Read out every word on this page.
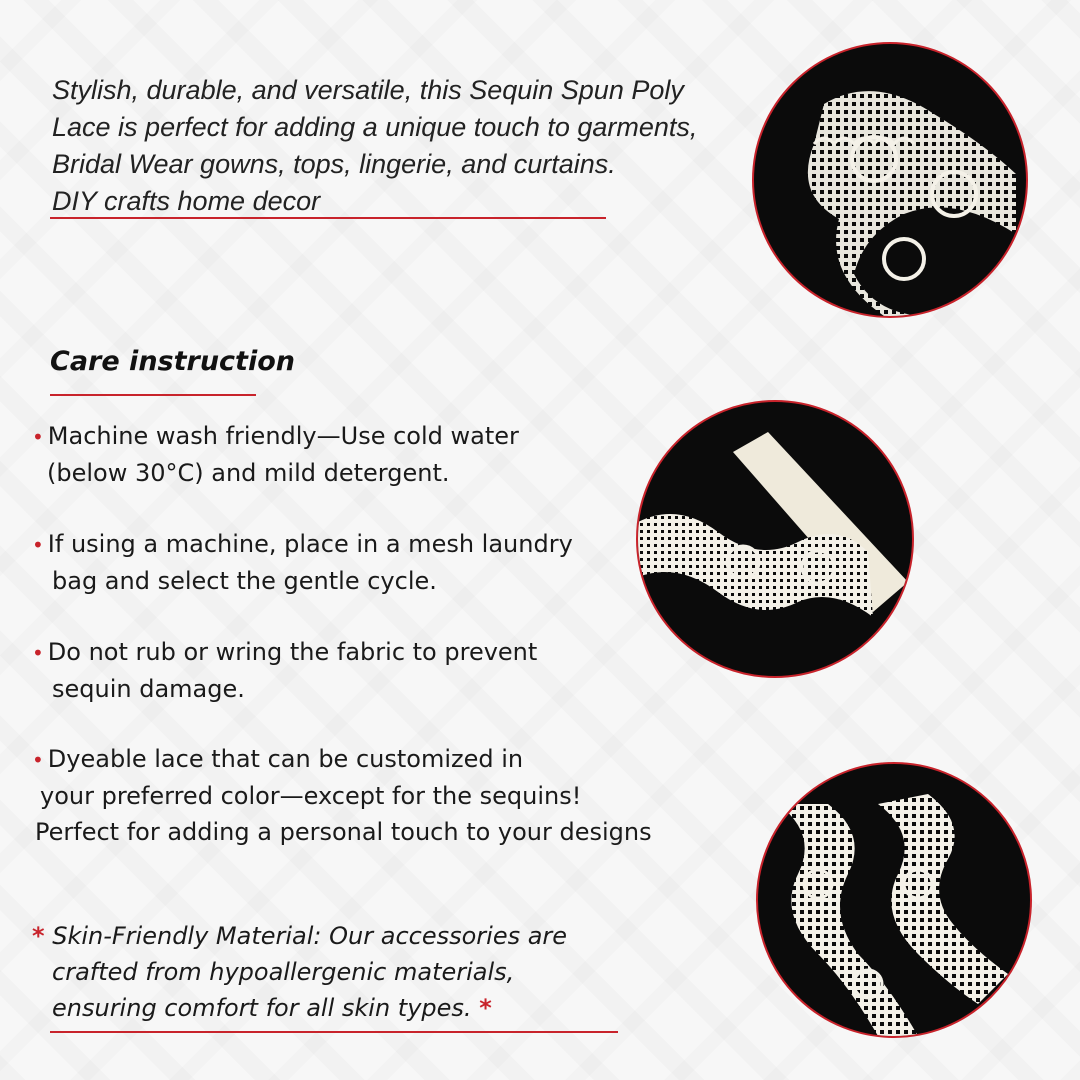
Stylish, durable, and versatile, this Sequin Spun Poly
Lace is perfect for adding a unique touch to garments,
Bridal Wear gowns, tops, lingerie, and curtains.
DIY crafts home decor
Care instruction
• Machine wash friendly—Use cold water
(below 30°C) and mild detergent.
• If using a machine, place in a mesh laundry
bag and select the gentle cycle.
• Do not rub or wring the fabric to prevent
sequin damage.
• Dyeable lace that can be customized in
your preferred color—except for the sequins!
Perfect for adding a personal touch to your designs
* Skin-Friendly Material: Our accessories are
crafted from hypoallergenic materials,
ensuring comfort for all skin types. *
